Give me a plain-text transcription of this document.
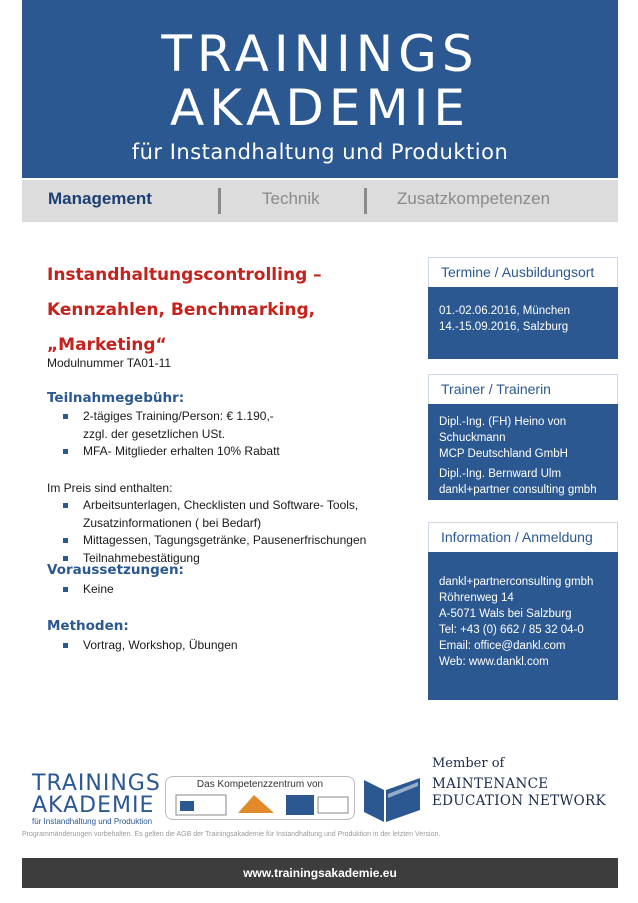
TRAININGS
AKADEMIE
für Instandhaltung und Produktion
Management	Technik	Zusatzkompetenzen
Instandhaltungscontrolling –
Kennzahlen, Benchmarking,
„Marketing“
Modulnummer TA01-11
Teilnahmegebühr:
2-tägiges Training/Person: € 1.190,-
zzgl. der gesetzlichen USt.
MFA- Mitglieder erhalten 10% Rabatt
Im Preis sind enthalten:
Arbeitsunterlagen, Checklisten und Software- Tools,
Zusatzinformationen ( bei Bedarf)
Mittagessen, Tagungsgetränke, Pausenerfrischungen
Teilnahmebestätigung
Voraussetzungen:
Keine
Methoden:
Vortrag, Workshop, Übungen
Termine / Ausbildungsort
01.-02.06.2016, München
14.-15.09.2016, Salzburg
Trainer / Trainerin
Dipl.-Ing. (FH) Heino von
Schuckmann
MCP Deutschland GmbH
Dipl.-Ing. Bernward Ulm
dankl+partner consulting gmbh
Information / Anmeldung
dankl+partnerconsulting gmbh
Röhrenweg 14
A-5071 Wals bei Salzburg
Tel: +43 (0) 662 / 85 32 04-0
Email: office@dankl.com
Web: www.dankl.com
TRAININGS
AKADEMIE
für Instandhaltung und Produktion
Das Kompetenzzentrum von
Member of
MAINTENANCE
EDUCATION NETWORK
Programmänderungen vorbehalten. Es gelten die AGB der Trainingsakademie für Instandhaltung und Produktion in der letzten Version.
www.trainingsakademie.eu
